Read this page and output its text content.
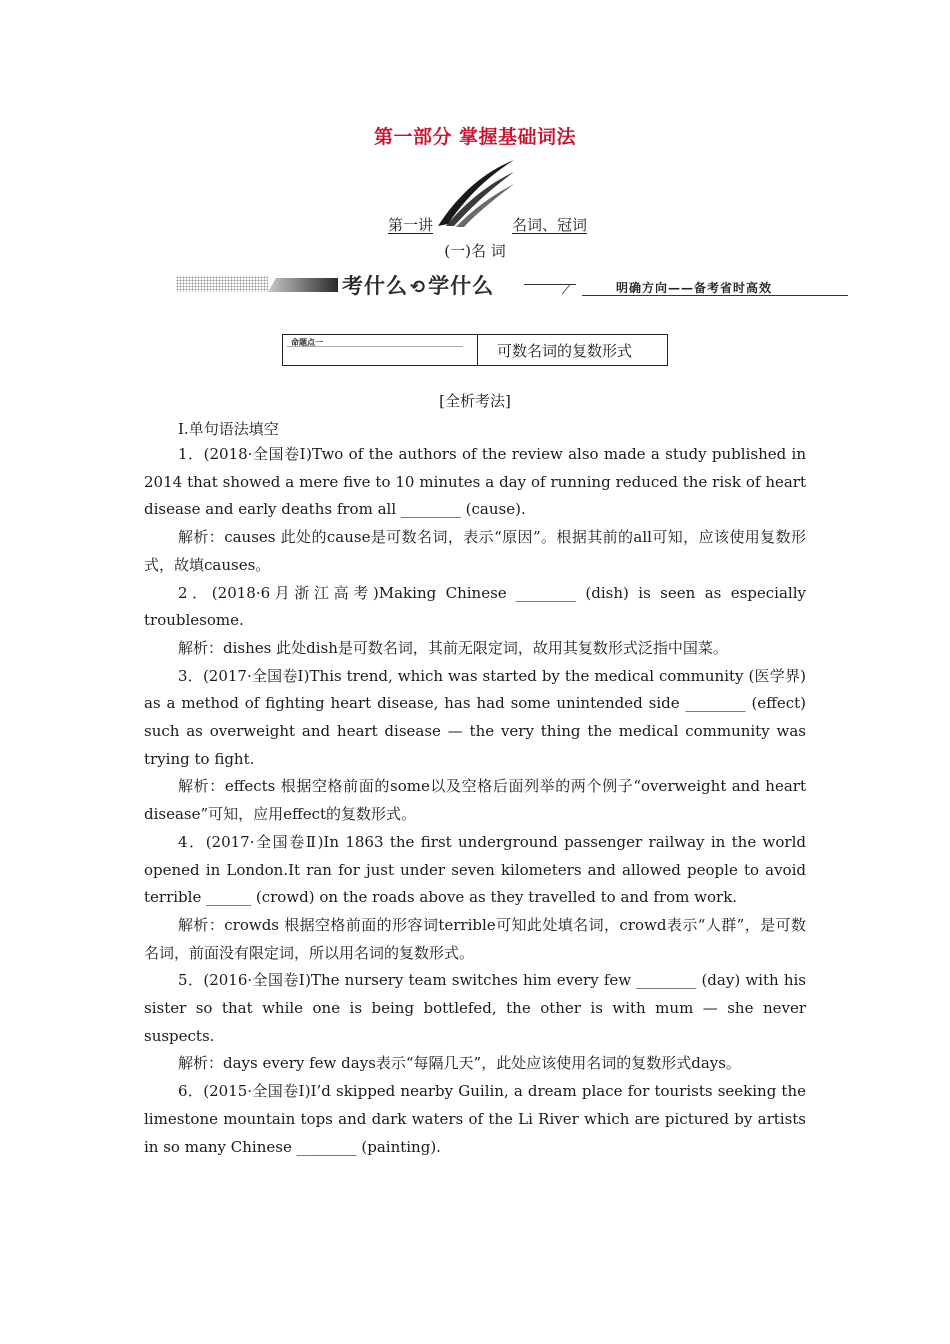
第一部分 掌握基础词法
第一讲	名词、冠词
(一)名 词
考什么 ⟲学什么	明确方向——备考省时高效
命题点一	可数名词的复数形式
[全析考法]
Ⅰ.单句语法填空

1．(2018·全国卷Ⅰ)Two of the authors of the review also made a study published in 2014 that showed a mere five to 10 minutes a day of running reduced the risk of heart disease and early deaths from all ________ (cause).

解析：causes 此处的cause是可数名词，表示“原因”。根据其前的all可知，应该使用复数形式，故填causes。

2．(2018·6月浙江高考)Making Chinese ________ (dish) is seen as especially troublesome.

解析：dishes 此处dish是可数名词，其前无限定词，故用其复数形式泛指中国菜。

3．(2017·全国卷Ⅰ)This trend, which was started by the medical community (医学界) as a method of fighting heart disease, has had some unintended side ________ (effect) such as overweight and heart disease — the very thing the medical community was trying to fight.

解析：effects 根据空格前面的some以及空格后面列举的两个例子“overweight and heart disease”可知，应用effect的复数形式。

4．(2017·全国卷Ⅱ)In 1863 the first underground passenger railway in the world opened in London.It ran for just under seven kilometers and allowed people to avoid terrible ______ (crowd) on the roads above as they travelled to and from work.

解析：crowds 根据空格前面的形容词terrible可知此处填名词，crowd表示“人群”，是可数名词，前面没有限定词，所以用名词的复数形式。

5．(2016·全国卷Ⅰ)The nursery team switches him every few ________ (day) with his sister so that while one is being bottlefed, the other is with mum — she never suspects.

解析：days every few days表示“每隔几天”，此处应该使用名词的复数形式days。

6．(2015·全国卷Ⅰ)I’d skipped nearby Guilin, a dream place for tourists seeking the limestone mountain tops and dark waters of the Li River which are pictured by artists in so many Chinese ________ (painting).
